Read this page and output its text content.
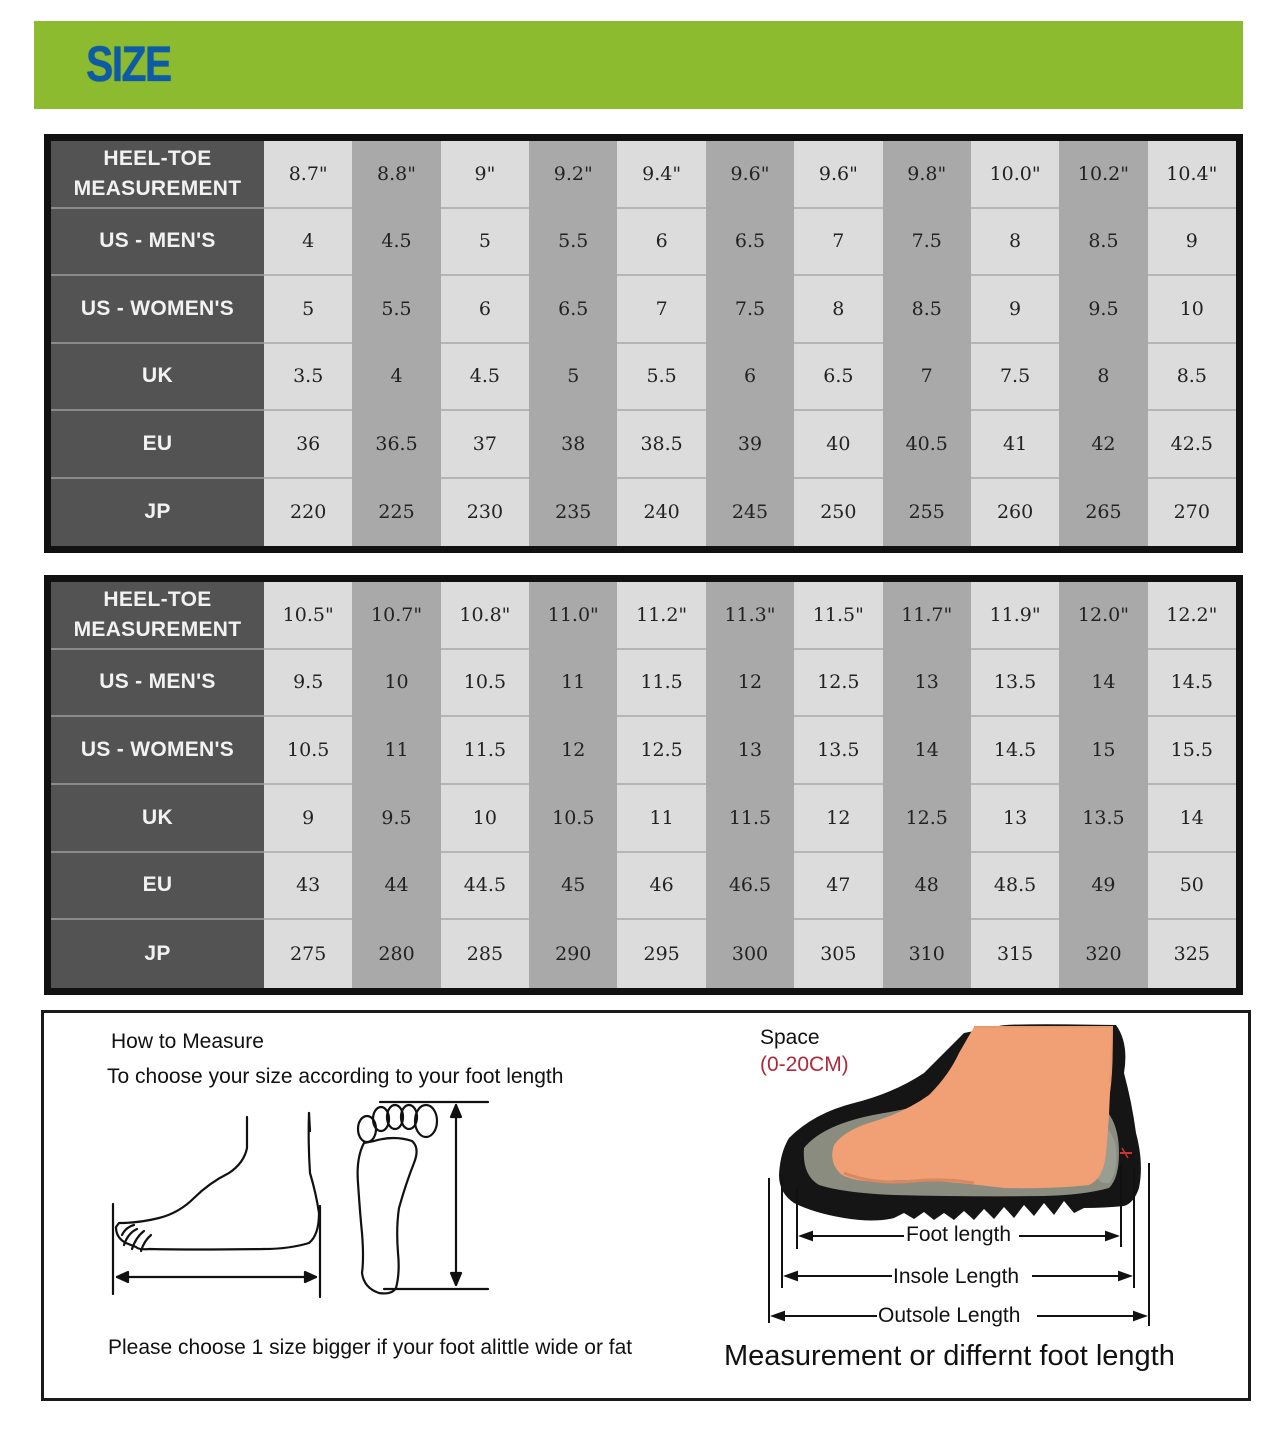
SIZE
HEEL-TOE
MEASUREMENT
8.7"	8.8"	9"	9.2"	9.4"	9.6"	9.6"	9.8"	10.0"	10.2"	10.4"
US - MEN'S	4	4.5	5	5.5	6	6.5	7	7.5	8	8.5	9
US - WOMEN'S	5	5.5	6	6.5	7	7.5	8	8.5	9	9.5	10
UK	3.5	4	4.5	5	5.5	6	6.5	7	7.5	8	8.5
EU	36	36.5	37	38	38.5	39	40	40.5	41	42	42.5
JP	220	225	230	235	240	245	250	255	260	265	270
HEEL-TOE
MEASUREMENT
10.5"	10.7"	10.8"	11.0"	11.2"	11.3"	11.5"	11.7"	11.9"	12.0"	12.2"
US - MEN'S	9.5	10	10.5	11	11.5	12	12.5	13	13.5	14	14.5
US - WOMEN'S	10.5	11	11.5	12	12.5	13	13.5	14	14.5	15	15.5
UK	9	9.5	10	10.5	11	11.5	12	12.5	13	13.5	14
EU	43	44	44.5	45	46	46.5	47	48	48.5	49	50
JP	275	280	285	290	295	300	305	310	315	320	325
How to Measure
To choose your size according to your foot length
Please choose 1 size bigger if your foot alittle wide or fat
Space
(0-20CM)
Foot length
Insole Length
Outsole Length
Measurement or differnt foot length
